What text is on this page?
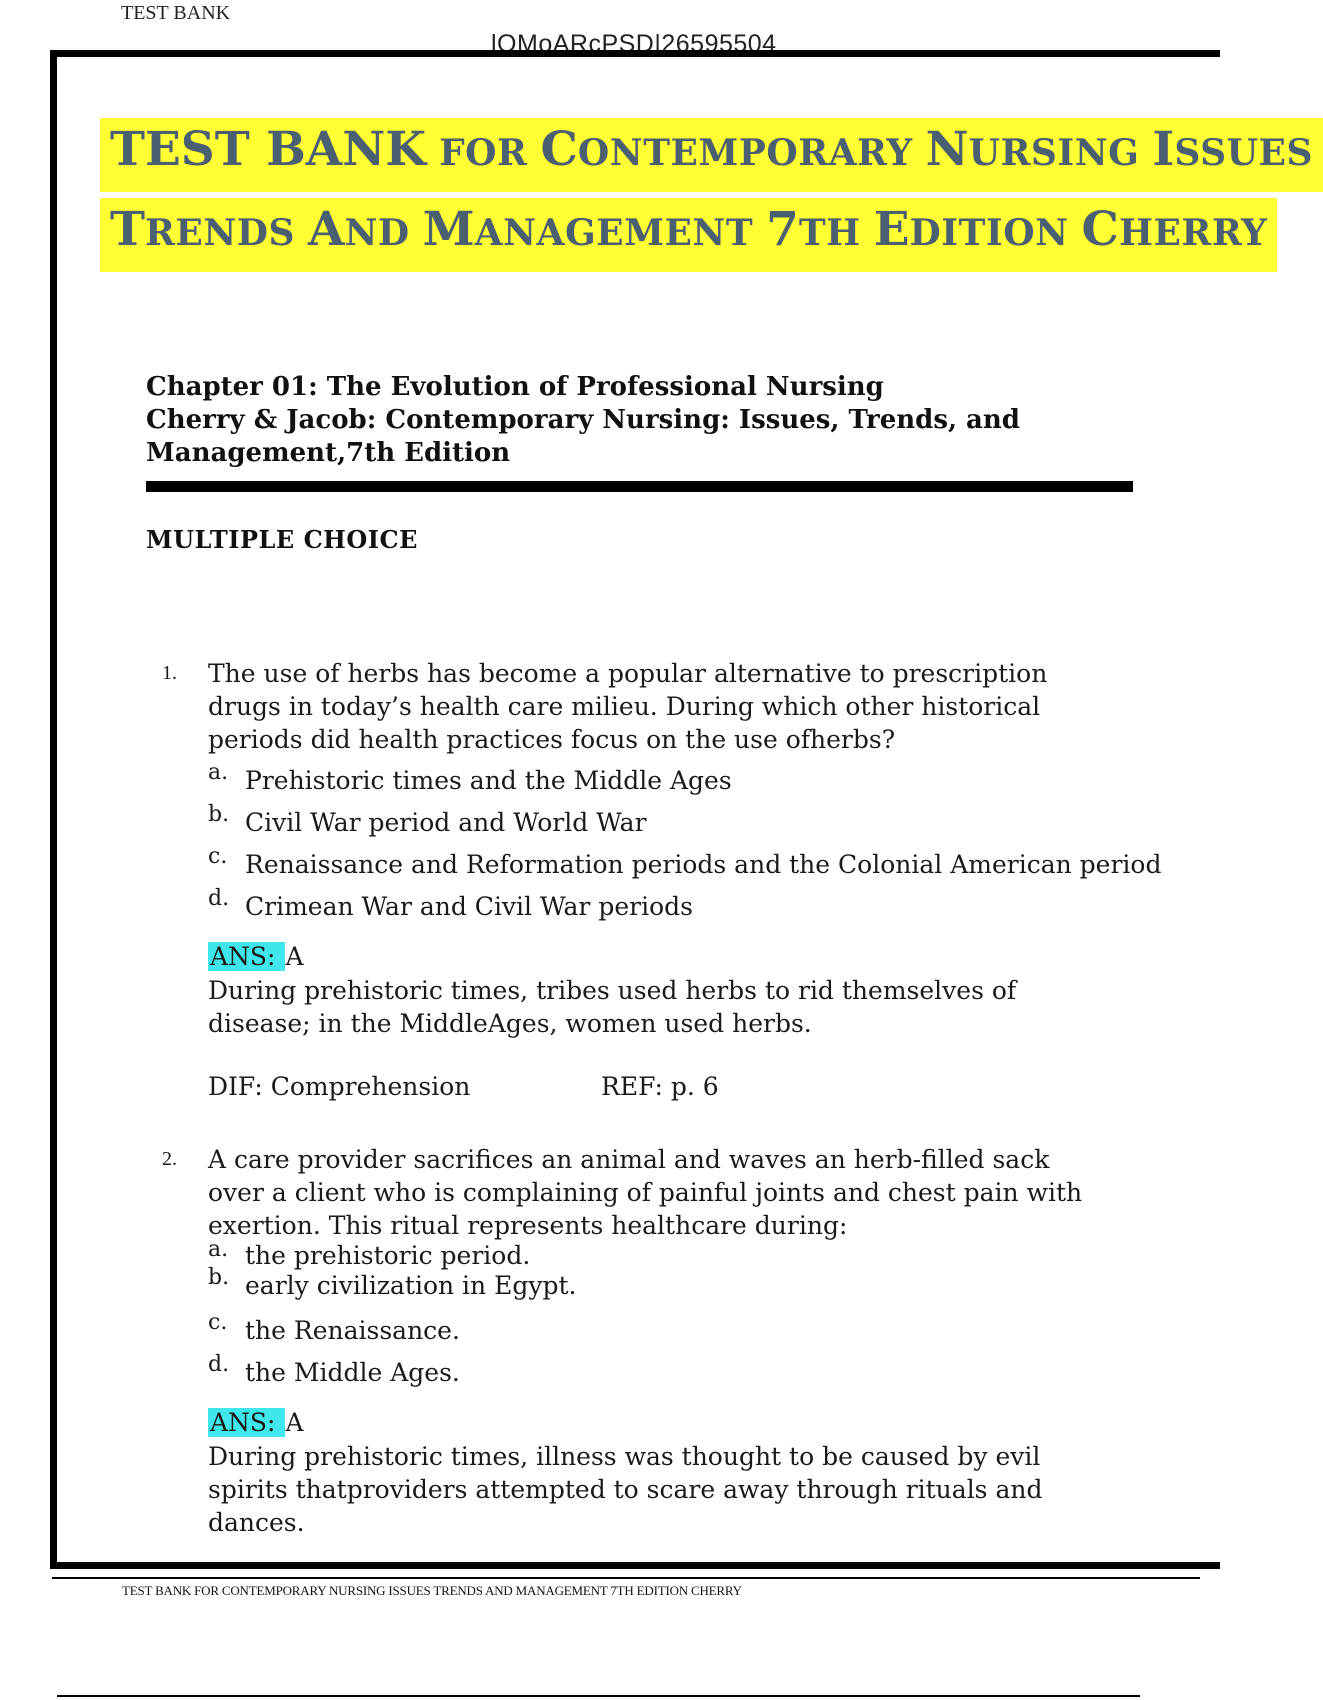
TEST BANK
lOMoARcPSD|26595504
TEST BANK FOR CONTEMPORARY NURSING ISSUES
TRENDS AND MANAGEMENT 7TH EDITION CHERRY
Chapter 01: The Evolution of Professional Nursing
Cherry & Jacob: Contemporary Nursing: Issues, Trends, and
Management,7th Edition
MULTIPLE CHOICE
1. The use of herbs has become a popular alternative to prescription drugs in today’s health care milieu. During which other historical periods did health practices focus on the use ofherbs?
a. Prehistoric times and the Middle Ages
b. Civil War period and World War
c. Renaissance and Reformation periods and the Colonial American period
d. Crimean War and Civil War periods
ANS: A
During prehistoric times, tribes used herbs to rid themselves of disease; in the MiddleAges, women used herbs.
DIF: Comprehension	REF: p. 6
2. A care provider sacrifices an animal and waves an herb-filled sack over a client who is complaining of painful joints and chest pain with exertion. This ritual represents healthcare during:
a. the prehistoric period.
b. early civilization in Egypt.
c. the Renaissance.
d. the Middle Ages.
ANS: A
During prehistoric times, illness was thought to be caused by evil spirits thatproviders attempted to scare away through rituals and dances.
TEST BANK FOR CONTEMPORARY NURSING ISSUES TRENDS AND MANAGEMENT 7TH EDITION CHERRY
